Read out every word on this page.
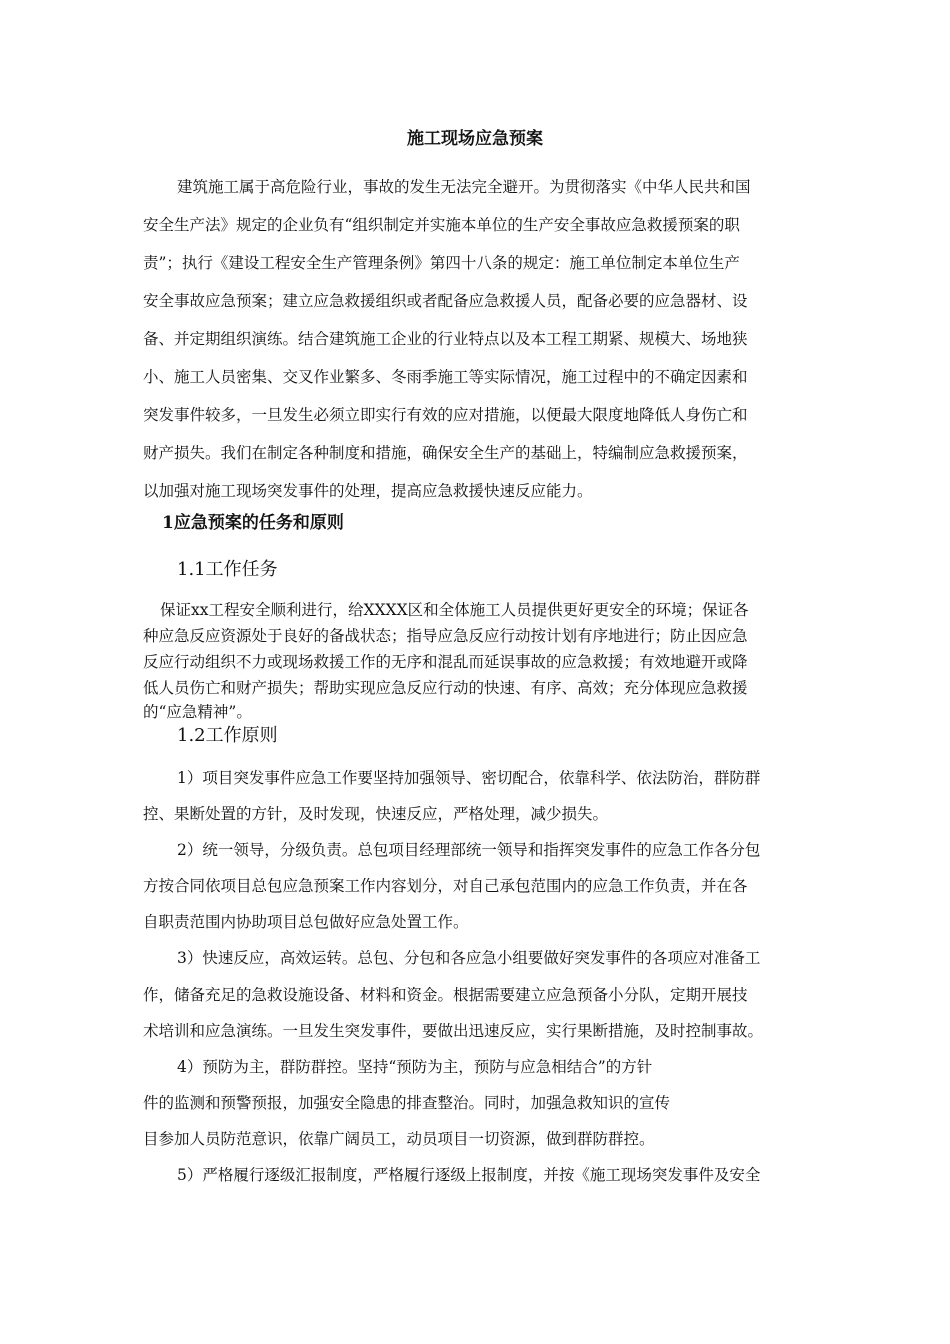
施工现场应急预案

建筑施工属于高危险行业，事故的发生无法完全避开。为贯彻落实《中华人民共和国

安全生产法》规定的企业负有“组织制定并实施本单位的生产安全事故应急救援预案的职

责”；执行《建设工程安全生产管理条例》第四十八条的规定：施工单位制定本单位生产

安全事故应急预案；建立应急救援组织或者配备应急救援人员，配备必要的应急器材、设

备、并定期组织演练。结合建筑施工企业的行业特点以及本工程工期紧、规模大、场地狭

小、施工人员密集、交叉作业繁多、冬雨季施工等实际情况，施工过程中的不确定因素和

突发事件较多，一旦发生必须立即实行有效的应对措施，以便最大限度地降低人身伤亡和

财产损失。我们在制定各种制度和措施，确保安全生产的基础上，特编制应急救援预案，

以加强对施工现场突发事件的处理，提高应急救援快速反应能力。

1应急预案的任务和原则
1.1工作任务

保证xx工程安全顺利进行，给XXXX区和全体施工人员提供更好更安全的环境；保证各

种应急反应资源处于良好的备战状态；指导应急反应行动按计划有序地进行；防止因应急

反应行动组织不力或现场救援工作的无序和混乱而延误事故的应急救援；有效地避开或降

低人员伤亡和财产损失；帮助实现应急反应行动的快速、有序、高效；充分体现应急救援

的“应急精神”。

1.2工作原则

1）项目突发事件应急工作要坚持加强领导、密切配合，依靠科学、依法防治，群防群

控、果断处置的方针，及时发现，快速反应，严格处理，减少损失。

2）统一领导，分级负责。总包项目经理部统一领导和指挥突发事件的应急工作各分包

方按合同依项目总包应急预案工作内容划分，对自己承包范围内的应急工作负责，并在各

自职责范围内协助项目总包做好应急处置工作。

3）快速反应，高效运转。总包、分包和各应急小组要做好突发事件的各项应对准备工

作，储备充足的急救设施设备、材料和资金。根据需要建立应急预备小分队，定期开展技

术培训和应急演练。一旦发生突发事件，要做出迅速反应，实行果断措施，及时控制事故。

4）预防为主，群防群控。坚持“预防为主，预防与应急相结合”的方针

件的监测和预警预报，加强安全隐患的排查整治。同时，加强急救知识的宣传

目参加人员防范意识，依靠广阔员工，动员项目一切资源，做到群防群控。

5）严格履行逐级汇报制度，严格履行逐级上报制度，并按《施工现场突发事件及安全
